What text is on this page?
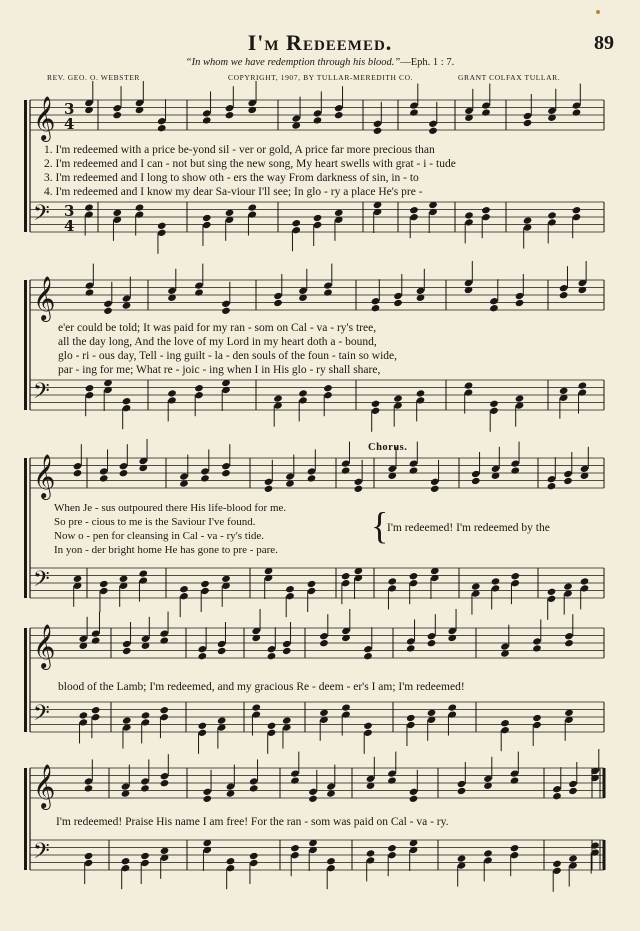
I'm Redeemed.	89
“In whom we have redemption through his blood.”—Eph. 1 : 7.
REV. GEO. O. WEBSTER	COPYRIGHT, 1907, BY TULLAR-MEREDITH CO.	GRANT COLFAX TULLAR.
𝄞 3
4
𝄢 3
4
𝄞
𝄢
𝄞
𝄢
𝄞
𝄢
𝄞
𝄢
1. I'm redeemed with a price be-yond sil - ver or gold, A price far more precious than
2. I'm redeemed and I can - not but sing the new song, My heart swells with grat - i - tude
3. I'm redeemed and I long to show oth - ers the way From darkness of sin, in - to
4. I'm redeemed and I know my dear Sa-viour I'll see; In glo - ry a place He's pre -
e'er could be told; It was paid for my ran - som on Cal - va - ry's tree,
all the day long, And the love of my Lord in my heart doth a - bound,
glo - ri - ous day, Tell - ing guilt - la - den souls of the foun - tain so wide,
par - ing for me; What re - joic - ing when I in His glo - ry shall share,
Chorus.
When Je - sus outpoured there His life-blood for me.
So pre - cious to me is the Saviour I've found.
Now o - pen for cleansing in Cal - va - ry's tide.
In yon - der bright home He has gone to pre - pare.
{
I'm redeemed! I'm redeemed by the
blood of the Lamb; I'm redeemed, and my gracious Re - deem - er's I am; I'm redeemed!
I'm redeemed! Praise His name I am free! For the ran - som was paid on Cal - va - ry.
